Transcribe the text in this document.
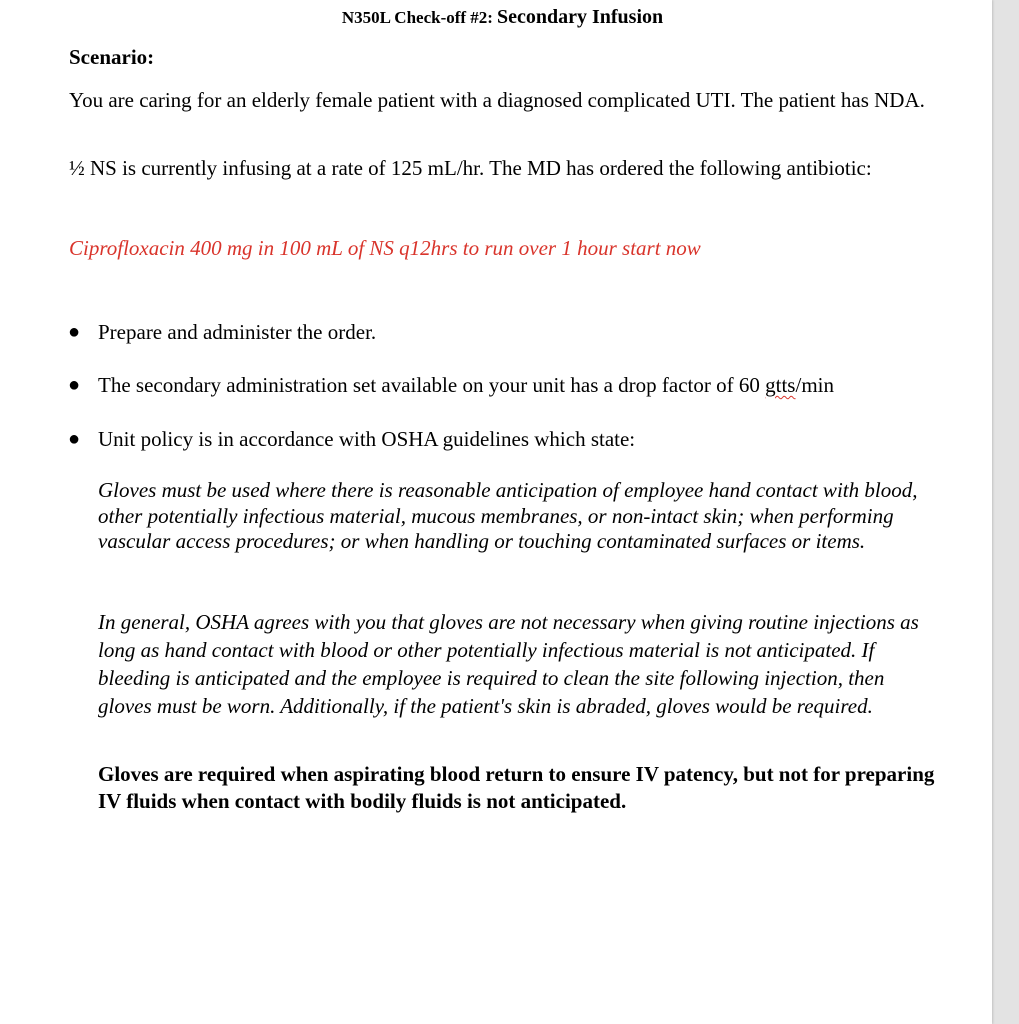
N350L Check-off #2: Secondary Infusion
Scenario:
You are caring for an elderly female patient with a diagnosed complicated UTI. The patient has NDA.
½ NS is currently infusing at a rate of 125 mL/hr. The MD has ordered the following antibiotic:
Ciprofloxacin 400 mg in 100 mL of NS q12hrs to run over 1 hour start now
● Prepare and administer the order.
● The secondary administration set available on your unit has a drop factor of 60 gtts/min
● Unit policy is in accordance with OSHA guidelines which state:
Gloves must be used where there is reasonable anticipation of employee hand contact with blood, other potentially infectious material, mucous membranes, or non-intact skin; when performing vascular access procedures; or when handling or touching contaminated surfaces or items.
In general, OSHA agrees with you that gloves are not necessary when giving routine injections as long as hand contact with blood or other potentially infectious material is not anticipated. If bleeding is anticipated and the employee is required to clean the site following injection, then gloves must be worn. Additionally, if the patient's skin is abraded, gloves would be required.
Gloves are required when aspirating blood return to ensure IV patency, but not for preparing IV fluids when contact with bodily fluids is not anticipated.
